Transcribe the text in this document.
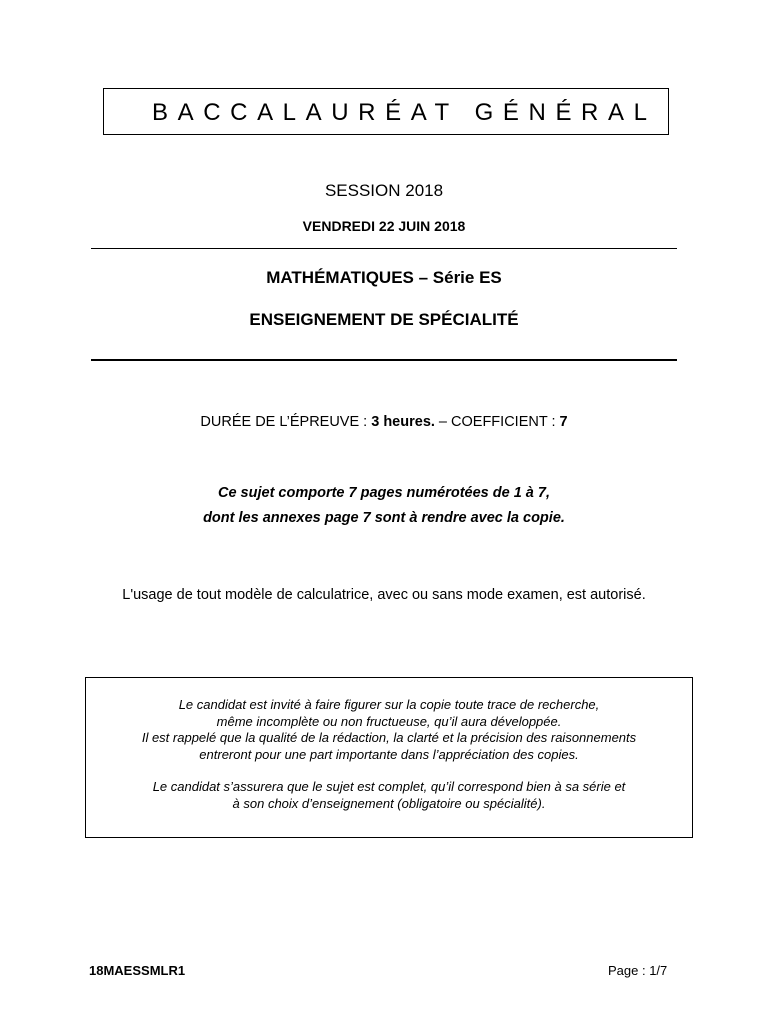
BACCALAURÉAT GÉNÉRAL
SESSION 2018
VENDREDI 22 JUIN 2018
MATHÉMATIQUES – Série ES
ENSEIGNEMENT DE SPÉCIALITÉ
DURÉE DE L’ÉPREUVE : 3 heures. – COEFFICIENT : 7
Ce sujet comporte 7 pages numérotées de 1 à 7,
dont les annexes page 7 sont à rendre avec la copie.
L'usage de tout modèle de calculatrice, avec ou sans mode examen, est autorisé.
Le candidat est invité à faire figurer sur la copie toute trace de recherche,
même incomplète ou non fructueuse, qu’il aura développée.
Il est rappelé que la qualité de la rédaction, la clarté et la précision des raisonnements
entreront pour une part importante dans l’appréciation des copies.
Le candidat s’assurera que le sujet est complet, qu’il correspond bien à sa série et
à son choix d’enseignement (obligatoire ou spécialité).
18MAESSMLR1	Page : 1/7
